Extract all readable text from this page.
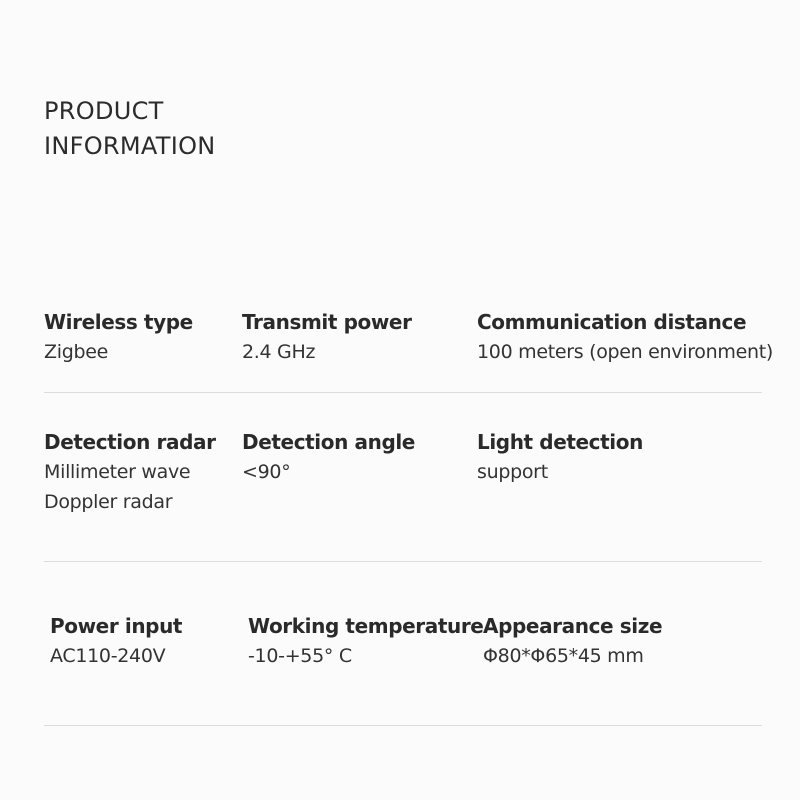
PRODUCT
INFORMATION
Wireless type
Zigbee
Transmit power
2.4 GHz
Communication distance
100 meters (open environment)
Detection radar
Millimeter wave
Doppler radar
Detection angle
<90°
Light detection
support
Power input
AC110-240V
Working temperature
-10-+55° C
Appearance size
Φ80*Φ65*45 mm
